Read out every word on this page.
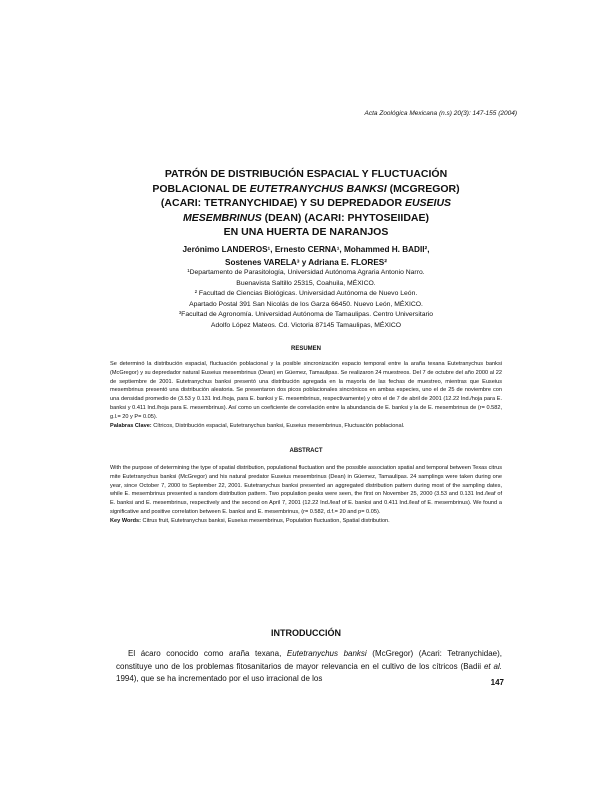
Acta Zoológica Mexicana (n.s) 20(3): 147-155 (2004)
PATRÓN DE DISTRIBUCIÓN ESPACIAL Y FLUCTUACIÓN
POBLACIONAL DE EUTETRANYCHUS BANKSI (MCGREGOR)
(ACARI: TETRANYCHIDAE) Y SU DEPREDADOR EUSEIUS
MESEMBRINUS (DEAN) (ACARI: PHYTOSEIIDAE)
EN UNA HUERTA DE NARANJOS
Jerónimo LANDEROS¹, Ernesto CERNA¹, Mohammed H. BADII²,
Sostenes VARELA³ y Adriana E. FLORES²
¹Departamento de Parasitología, Universidad Autónoma Agraria Antonio Narro.
Buenavista Saltillo 25315, Coahuila, MÉXICO.
² Facultad de Ciencias Biológicas. Universidad Autónoma de Nuevo León.
Apartado Postal 391 San Nicolás de los Garza 66450. Nuevo León, MÉXICO.
³Facultad de Agronomía. Universidad Autónoma de Tamaulipas. Centro Universitario
Adolfo López Mateos. Cd. Victoria 87145 Tamaulipas, MÉXICO
RESUMEN

Se determinó la distribución espacial, fluctuación poblacional y la posible sincronización espacio temporal entre la araña texana Eutetranychus banksi (McGregor) y su depredador natural Euseius mesembrinus (Dean) en Güemez, Tamaulipas. Se realizaron 24 muestreos. Del 7 de octubre del año 2000 al 22 de septiembre de 2001. Eutetranychus banksi presentó una distribución agregada en la mayoría de las fechas de muestreo, mientras que Euseius mesembrinus presentó una distribución aleatoria. Se presentaron dos picos poblacionales sincrónicos en ambas especies, uno el de 25 de noviembre con una densidad promedio de (3.53 y 0.131 Ind./hoja, para E. banksi y E. mesembrinus, respectivamente) y otro el de 7 de abril de 2001 (12.22 Ind./hoja para E. banksi y 0.411 Ind./hoja para E. mesembrinus). Así como un coeficiente de correlación entre la abundancia de E. banksi y la de E. mesembrinus de (r= 0.582, g.l.= 20 y P= 0.05).

Palabras Clave: Cítricos, Distribución espacial, Eutetranychus banksi, Euseius mesembrinus, Fluctuación poblacional.

ABSTRACT

With the purpose of determining the type of spatial distribution, populational fluctuation and the possible association spatial and temporal between Texas citrus mite Eutetranychus banksi (McGregor) and his natural predator Euseius mesembrinus (Dean) in Güemez, Tamaulipas. 24 samplings were taken during one year, since October 7, 2000 to September 22, 2001. Eutetranychus banksi presented an aggregated distribution pattern during most of the sampling dates, while E. mesembrinus presented a random distribution pattern. Two population peaks were seen, the first on November 25, 2000 (3.53 and 0.131 Ind./leaf of E. banksi and E. mesembrinus, respectively and the second on April 7, 2001 (12.22 Ind./leaf of E. banksi and 0.411 Ind./leaf of E. mesembrinus). We found a significative and positive correlation between E. banksi and E. mesembrinus, (r= 0.582, d.f.= 20 and p= 0.05).

Key Words: Citrus fruit, Eutetranychus banksi, Euseius mesembrinus, Population fluctuation, Spatial distribution.

INTRODUCCIÓN

El ácaro conocido como araña texana, Eutetranychus banksi (McGregor) (Acari: Tetranychidae), constituye uno de los problemas fitosanitarios de mayor relevancia en el cultivo de los cítricos (Badii et al. 1994), que se ha incrementado por el uso irracional de los	147
